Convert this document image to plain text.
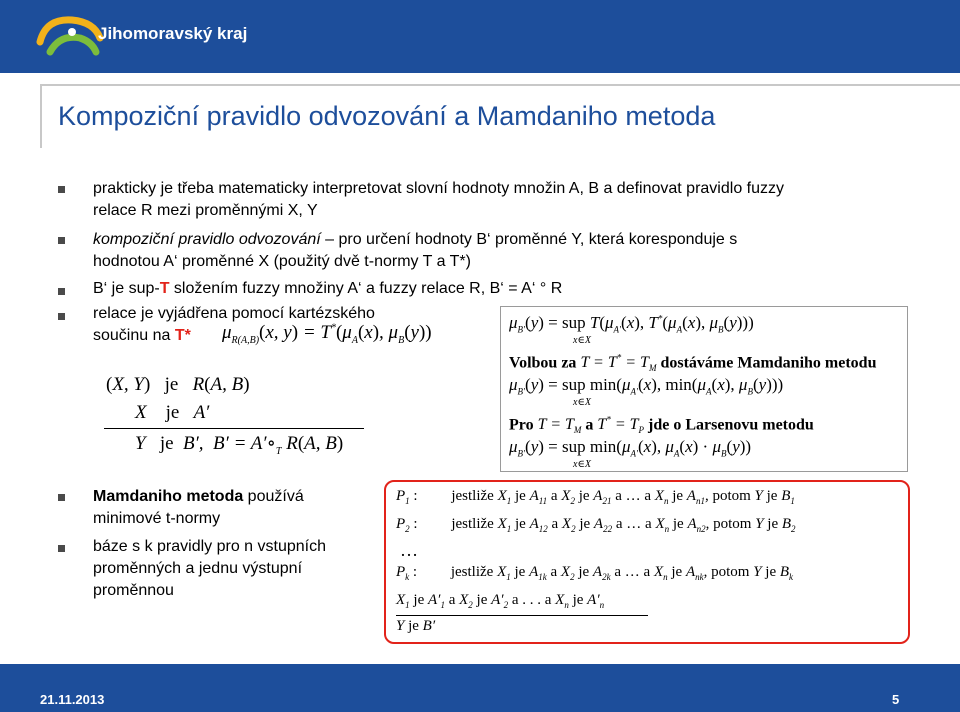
Jihomoravský kraj
Kompoziční pravidlo odvozování a Mamdaniho metoda
prakticky je třeba matematicky interpretovat slovní hodnoty množin A, B a definovat pravidlo fuzzy
relace R mezi proměnnými X, Y
kompoziční pravidlo odvozování – pro určení hodnoty B‘ proměnné Y, která koresponduje s
hodnotou A‘ proměnné X (použitý dvě t-normy T a T*)
B‘ je sup-T složením fuzzy množiny A‘ a fuzzy relace R, B‘ = A‘ ° R
relace je vyjádřena pomocí kartézského
součinu na T* $\mu_{R(A,B)}(x$, $y) = T^*(\mu_A(x)$, $\mu_B(y)$)
(X, Y) je   R(A, B)
X    je   A′
Y   je  B′,  $B' = A'\circ_T$ R(A, B)
$\mu_{B'}(y)$ = sup $T(\mu_{A'}(x)$, $T^*(\mu_A(x)$, $\mu_B(y)$))
x∈X
Volbou za $T = T^* = T_M$ dostáváme Mamdaniho metodu
$\mu_{B'}(y)$ = sup $\min(\mu_{A'}(x)$, $\min(\mu_A(x)$, $\mu_B(y)$))
x∈X
Pro $T = T_M$ a $T^* = T_P$ jde o Larsenovu metodu
$\mu_{B'}(y)$ = sup $\min(\mu_{A'}(x)$, $\mu_A(x) \cdot \mu_B(y)$)
x∈X
Mamdaniho metoda používá
minimové t-normy
báze s k pravidly pro n vstupních
proměnných a jednu výstupní
proměnnou
$P_1$ :         jestliže $X_1$ je $A_{11}$ a $X_2$ je $A_{21}$ a … a $X_n$ je $A_{n1}$, potom Y je $B_1$
$P_2$ :         jestliže $X_1$ je $A_{12}$ a $X_2$ je $A_{22}$ a … a $X_n$ je $A_{n2}$, potom Y je $B_2$
…
$P_k$ :         jestliže $X_1$ je $A_{1k}$ a $X_2$ je $A_{2k}$ a … a $X_n$ je $A_{nk}$, potom Y je $B_k$
$X_1$ je $A'_1$ a $X_2$ je $A'_2$ a . . . a $X_n$ je $A'_n$
Y je B′
21.11.2013	5
